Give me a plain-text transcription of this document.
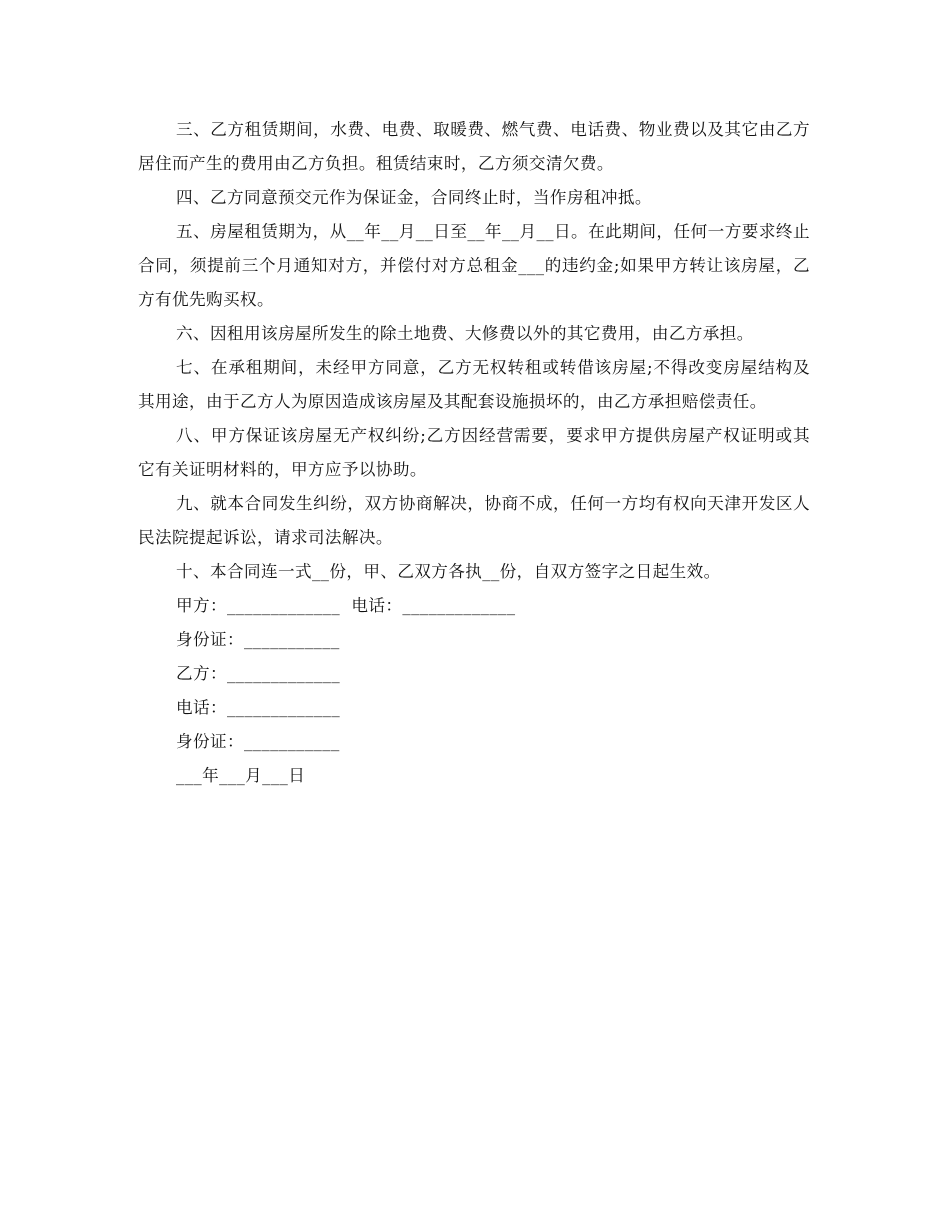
三、乙方租赁期间，水费、电费、取暖费、燃气费、电话费、物业费以及其它由乙方居住而产生的费用由乙方负担。租赁结束时，乙方须交清欠费。

四、乙方同意预交元作为保证金，合同终止时，当作房租冲抵。

五、房屋租赁期为，从__年__月__日至__年__月__日。在此期间，任何一方要求终止合同，须提前三个月通知对方，并偿付对方总租金___的违约金;如果甲方转让该房屋，乙方有优先购买权。

六、因租用该房屋所发生的除土地费、大修费以外的其它费用，由乙方承担。

七、在承租期间，未经甲方同意，乙方无权转租或转借该房屋;不得改变房屋结构及其用途，由于乙方人为原因造成该房屋及其配套设施损坏的，由乙方承担赔偿责任。

八、甲方保证该房屋无产权纠纷;乙方因经营需要，要求甲方提供房屋产权证明或其它有关证明材料的，甲方应予以协助。

九、就本合同发生纠纷，双方协商解决，协商不成，任何一方均有权向天津开发区人民法院提起诉讼，请求司法解决。

十、本合同连一式__份，甲、乙双方各执__份，自双方签字之日起生效。

甲方：_____________  电话：_____________

身份证：___________

乙方：_____________

电话：_____________

身份证：___________

___年___月___日
